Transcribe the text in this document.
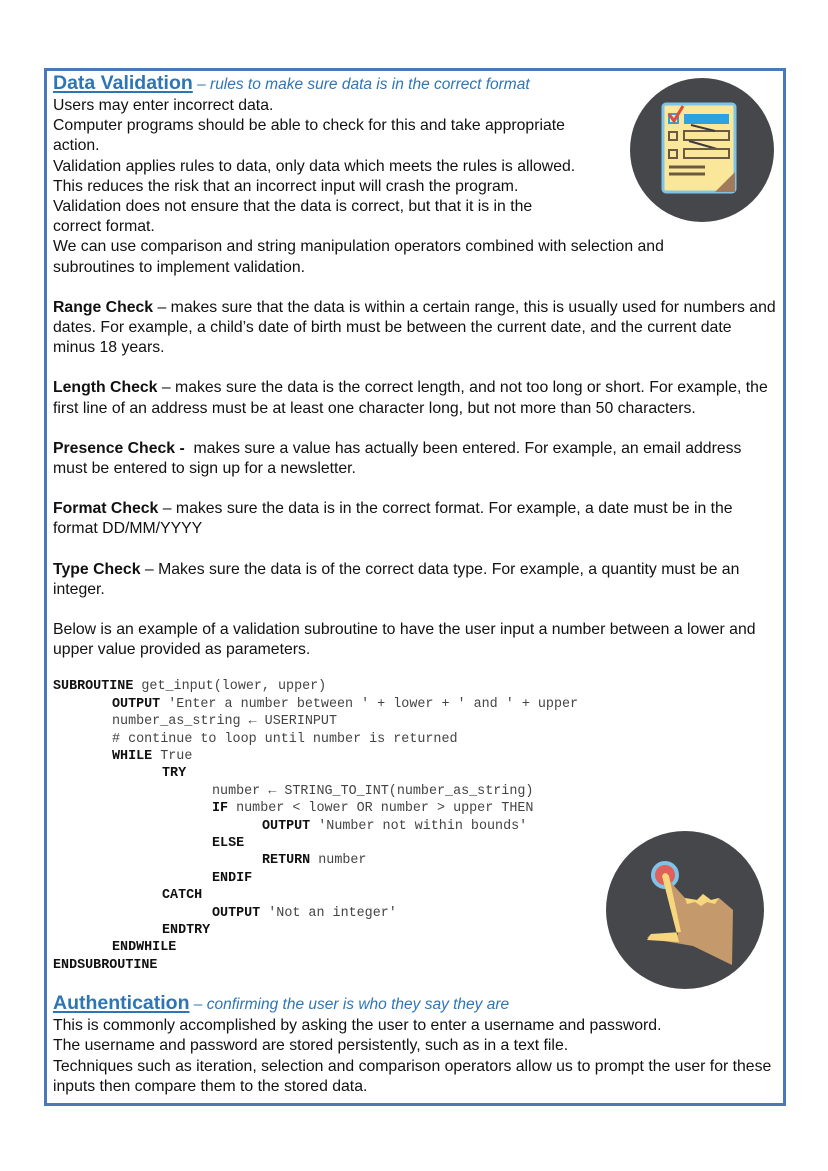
Data Validation – rules to make sure data is in the correct format

Users may enter incorrect data.

Computer programs should be able to check for this and take appropriate action.

Validation applies rules to data, only data which meets the rules is allowed.

This reduces the risk that an incorrect input will crash the program.

Validation does not ensure that the data is correct, but that it is in the correct format.

We can use comparison and string manipulation operators combined with selection and subroutines to implement validation.

Range Check – makes sure that the data is within a certain range, this is usually used for numbers and dates. For example, a child’s date of birth must be between the current date, and the current date minus 18 years.

Length Check – makes sure the data is the correct length, and not too long or short. For example, the first line of an address must be at least one character long, but not more than 50 characters.

Presence Check - makes sure a value has actually been entered. For example, an email address must be entered to sign up for a newsletter.

Format Check – makes sure the data is in the correct format. For example, a date must be in the format DD/MM/YYYY

Type Check – Makes sure the data is of the correct data type. For example, a quantity must be an integer.

Below is an example of a validation subroutine to have the user input a number between a lower and upper value provided as parameters.

SUBROUTINE get_input(lower, upper)
OUTPUT 'Enter a number between ' + lower + ' and ' + upper
number_as_string ← USERINPUT
# continue to loop until number is returned
WHILE True
TRY
number ← STRING_TO_INT(number_as_string)
IF number < lower OR number > upper THEN
OUTPUT 'Number not within bounds'
ELSE
RETURN number
ENDIF
CATCH
OUTPUT 'Not an integer'
ENDTRY
ENDWHILE
ENDSUBROUTINE
Authentication – confirming the user is who they say they are

This is commonly accomplished by asking the user to enter a username and password.

The username and password are stored persistently, such as in a text file.

Techniques such as iteration, selection and comparison operators allow us to prompt the user for these inputs then compare them to the stored data.
